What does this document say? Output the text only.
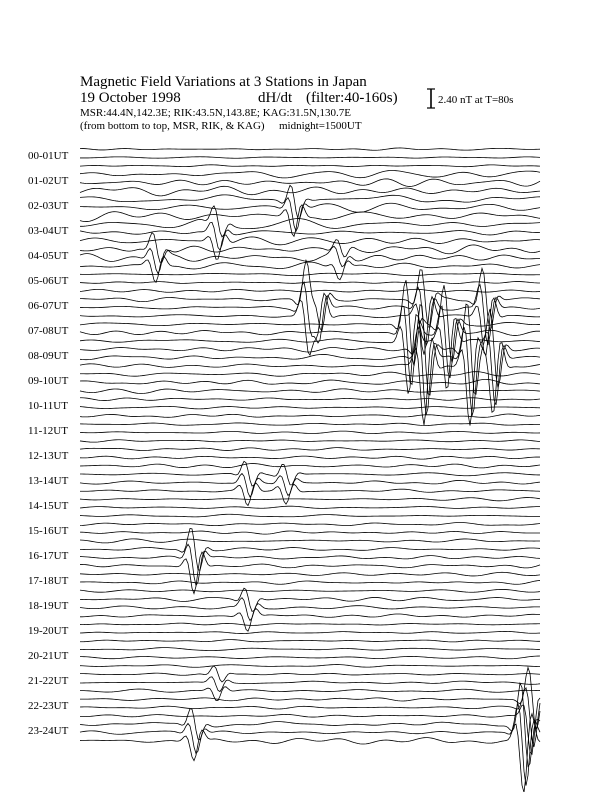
Magnetic Field Variations at 3 Stations in Japan
19 October 1998	dH/dt (filter:40-160s)
MSR:44.4N,142.3E; RIK:43.5N,143.8E; KAG:31.5N,130.7E
(from bottom to top, MSR, RIK, & KAG) midnight=1500UT
2.40 nT at T=80s
00-01UT
01-02UT
02-03UT
03-04UT
04-05UT
05-06UT
06-07UT
07-08UT
08-09UT
09-10UT
10-11UT
11-12UT
12-13UT
13-14UT
14-15UT
15-16UT
16-17UT
17-18UT
18-19UT
19-20UT
20-21UT
21-22UT
22-23UT
23-24UT
